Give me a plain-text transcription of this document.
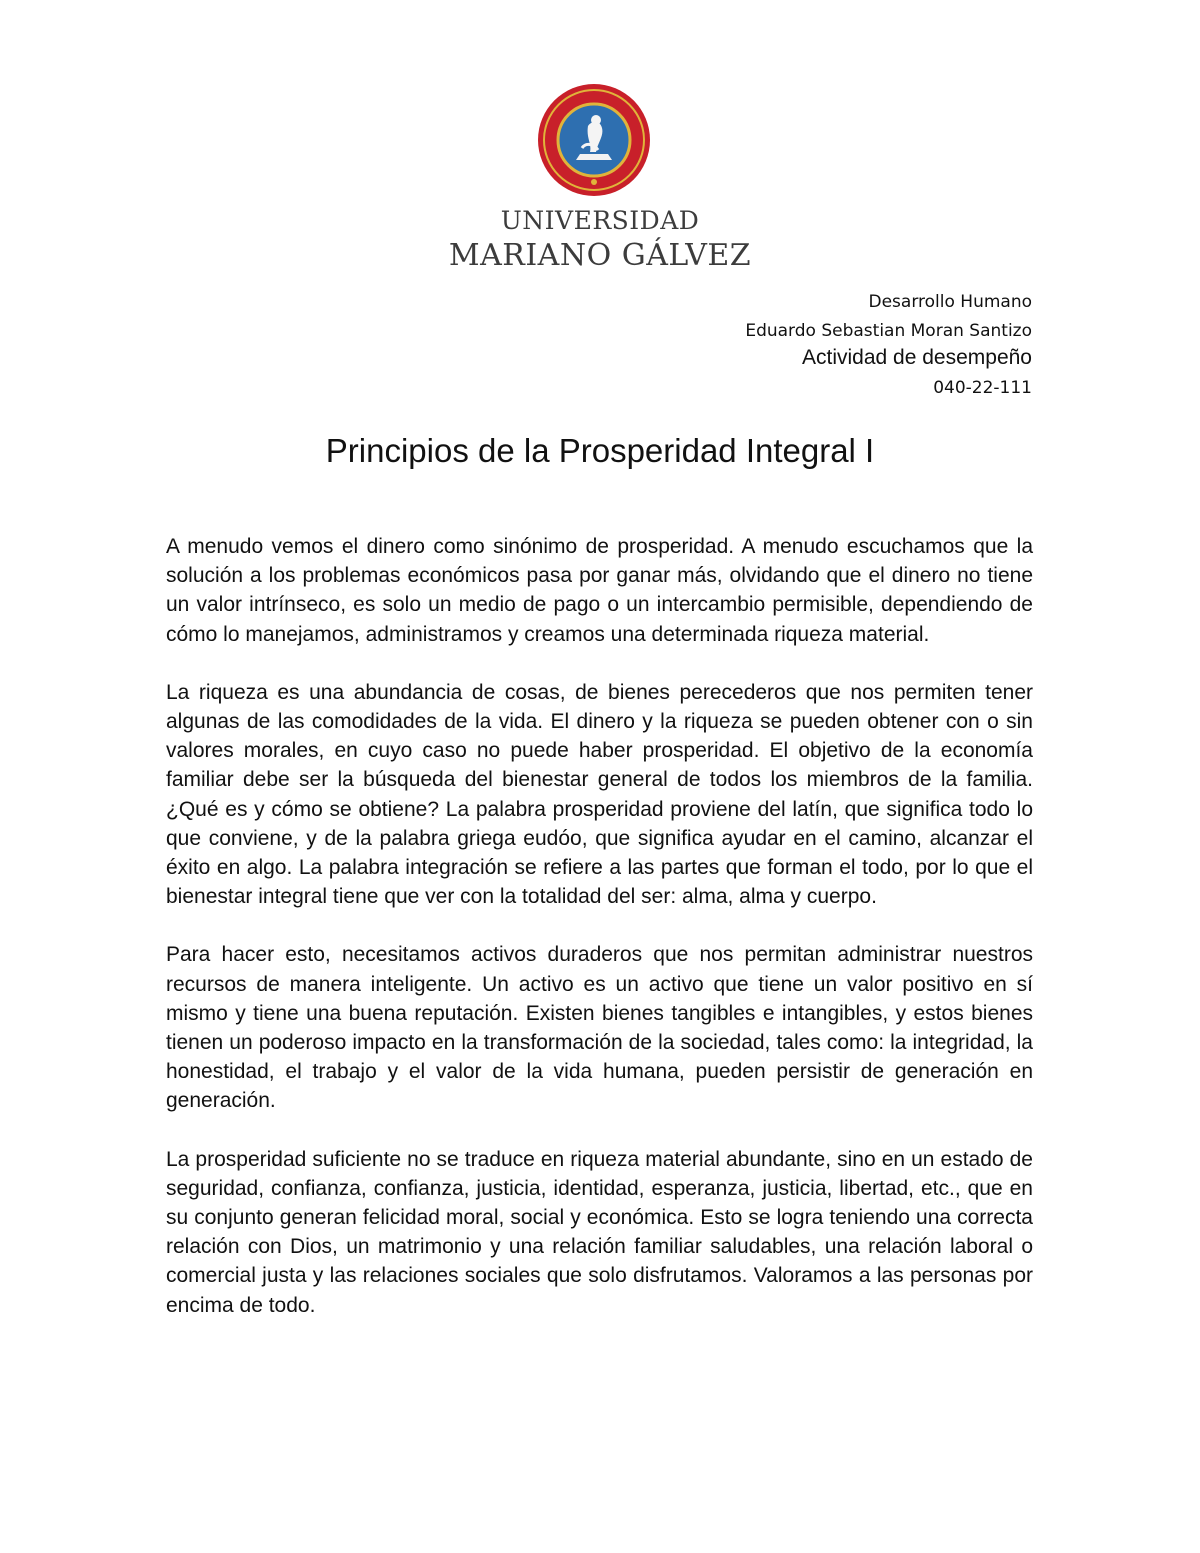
UNIVERSIDAD
MARIANO GÁLVEZ
Desarrollo Humano
Eduardo Sebastian Moran Santizo
Actividad de desempeño
040-22-111
Principios de la Prosperidad Integral I

A menudo vemos el dinero como sinónimo de prosperidad. A menudo escuchamos que la solución a los problemas económicos pasa por ganar más, olvidando que el dinero no tiene un valor intrínseco, es solo un medio de pago o un intercambio permisible, dependiendo de cómo lo manejamos, administramos y creamos una determinada riqueza material.

La riqueza es una abundancia de cosas, de bienes perecederos que nos permiten tener algunas de las comodidades de la vida. El dinero y la riqueza se pueden obtener con o sin valores morales, en cuyo caso no puede haber prosperidad. El objetivo de la economía familiar debe ser la búsqueda del bienestar general de todos los miembros de la familia. ¿Qué es y cómo se obtiene? La palabra prosperidad proviene del latín, que significa todo lo que conviene, y de la palabra griega eudóo, que significa ayudar en el camino, alcanzar el éxito en algo. La palabra integración se refiere a las partes que forman el todo, por lo que el bienestar integral tiene que ver con la totalidad del ser: alma, alma y cuerpo.

Para hacer esto, necesitamos activos duraderos que nos permitan administrar nuestros recursos de manera inteligente. Un activo es un activo que tiene un valor positivo en sí mismo y tiene una buena reputación. Existen bienes tangibles e intangibles, y estos bienes tienen un poderoso impacto en la transformación de la sociedad, tales como: la integridad, la honestidad, el trabajo y el valor de la vida humana, pueden persistir de generación en generación.

La prosperidad suficiente no se traduce en riqueza material abundante, sino en un estado de seguridad, confianza, confianza, justicia, identidad, esperanza, justicia, libertad, etc., que en su conjunto generan felicidad moral, social y económica. Esto se logra teniendo una correcta relación con Dios, un matrimonio y una relación familiar saludables, una relación laboral o comercial justa y las relaciones sociales que solo disfrutamos. Valoramos a las personas por encima de todo.
